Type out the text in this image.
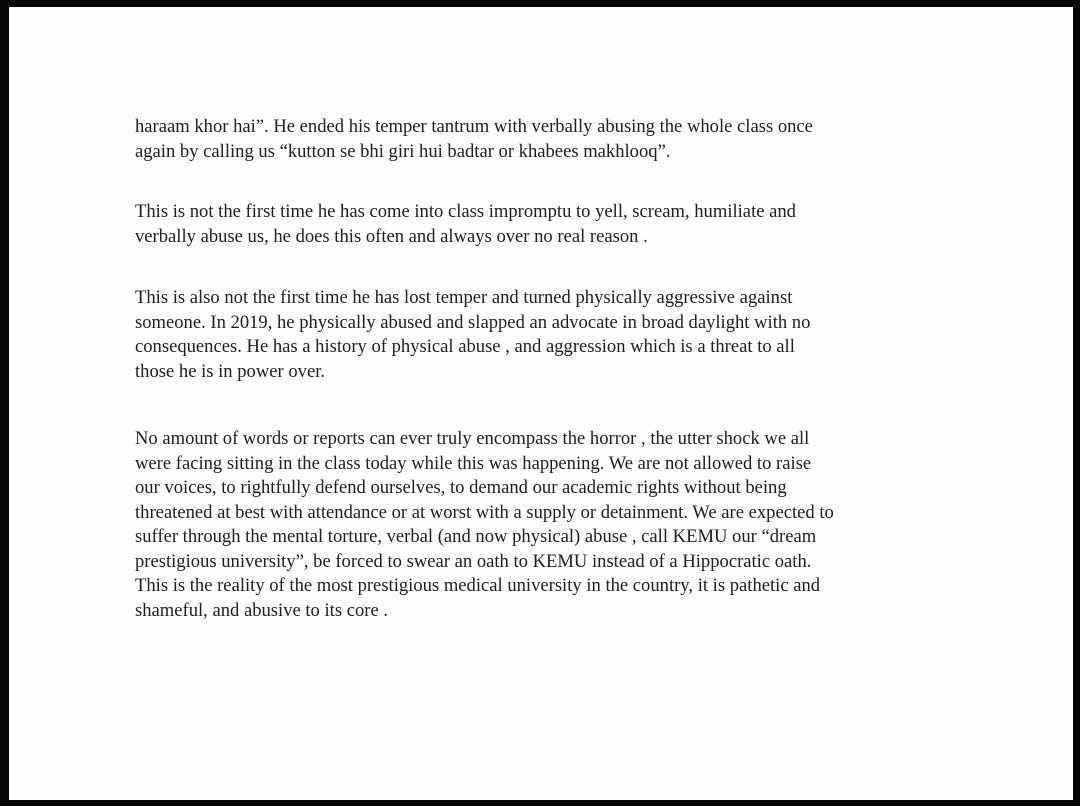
haraam khor hai”. He ended his temper tantrum with verbally abusing the whole class once
again by calling us “kutton se bhi giri hui badtar or khabees makhlooq”.

This is not the first time he has come into class impromptu to yell, scream, humiliate and
verbally abuse us, he does this often and always over no real reason .

This is also not the first time he has lost temper and turned physically aggressive against
someone. In 2019, he physically abused and slapped an advocate in broad daylight with no
consequences. He has a history of physical abuse , and aggression which is a threat to all
those he is in power over.

No amount of words or reports can ever truly encompass the horror , the utter shock we all
were facing sitting in the class today while this was happening. We are not allowed to raise
our voices, to rightfully defend ourselves, to demand our academic rights without being
threatened at best with attendance or at worst with a supply or detainment. We are expected to
suffer through the mental torture, verbal (and now physical) abuse , call KEMU our “dream
prestigious university”, be forced to swear an oath to KEMU instead of a Hippocratic oath.
This is the reality of the most prestigious medical university in the country, it is pathetic and
shameful, and abusive to its core .
